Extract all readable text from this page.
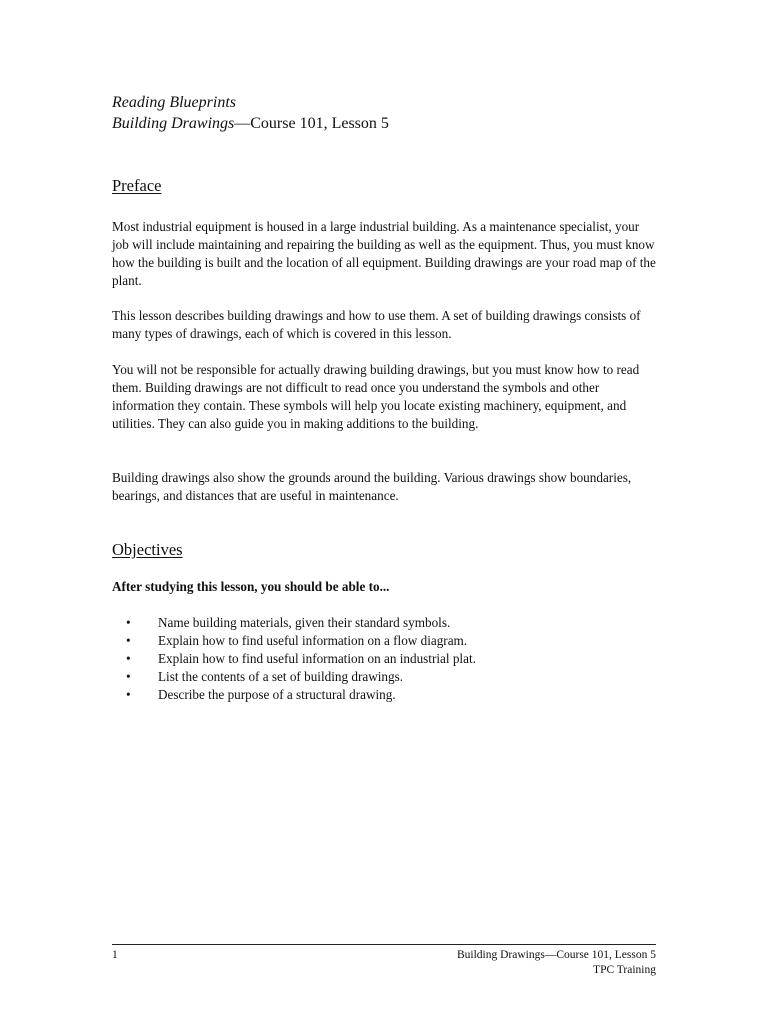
Reading Blueprints
Building Drawings—Course 101, Lesson 5
Preface

Most industrial equipment is housed in a large industrial building. As a maintenance specialist, your job will include maintaining and repairing the building as well as the equipment. Thus, you must know how the building is built and the location of all equipment. Building drawings are your road map of the plant.

This lesson describes building drawings and how to use them. A set of building drawings consists of many types of drawings, each of which is covered in this lesson.

You will not be responsible for actually drawing building drawings, but you must know how to read them. Building drawings are not difficult to read once you understand the symbols and other information they contain. These symbols will help you locate existing machinery, equipment, and utilities. They can also guide you in making additions to the building.

Building drawings also show the grounds around the building. Various drawings show boundaries, bearings, and distances that are useful in maintenance.

Objectives

After studying this lesson, you should be able to...

• Name building materials, given their standard symbols.
• Explain how to find useful information on a flow diagram.
• Explain how to find useful information on an industrial plat.
• List the contents of a set of building drawings.
• Describe the purpose of a structural drawing.
1	Building Drawings—Course 101, Lesson 5
TPC Training
